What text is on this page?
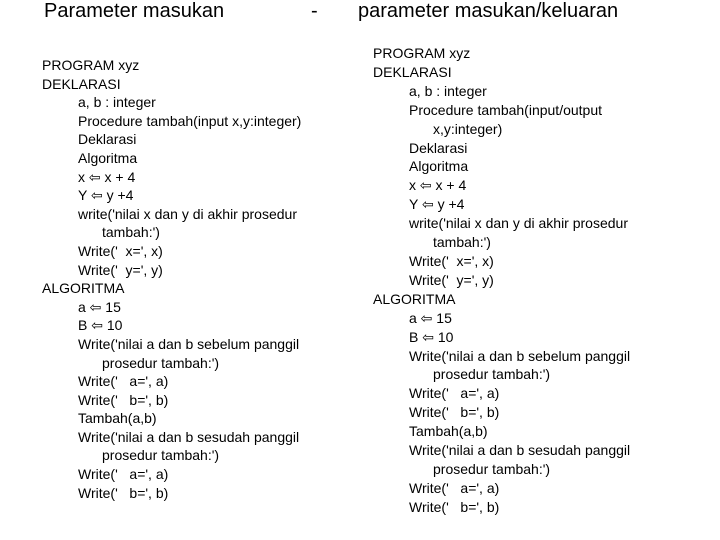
Parameter masukan	- parameter masukan/keluaran
PROGRAM xyz
DEKLARASI
a, b : integer
Procedure tambah(input x,y:integer)
Deklarasi
Algoritma
x ⇦ x + 4
Y ⇦ y +4
write('nilai x dan y di akhir prosedur
tambah:')
Write('  x=', x)
Write('  y=', y)
ALGORITMA
a ⇦ 15
B ⇦ 10
Write('nilai a dan b sebelum panggil
prosedur tambah:')
Write('   a=', a)
Write('   b=', b)
Tambah(a,b)
Write('nilai a dan b sesudah panggil
prosedur tambah:')
Write('   a=', a)
Write('   b=', b)
PROGRAM xyz
DEKLARASI
a, b : integer
Procedure tambah(input/output
x,y:integer)
Deklarasi
Algoritma
x ⇦ x + 4
Y ⇦ y +4
write('nilai x dan y di akhir prosedur
tambah:')
Write('  x=', x)
Write('  y=', y)
ALGORITMA
a ⇦ 15
B ⇦ 10
Write('nilai a dan b sebelum panggil
prosedur tambah:')
Write('   a=', a)
Write('   b=', b)
Tambah(a,b)
Write('nilai a dan b sesudah panggil
prosedur tambah:')
Write('   a=', a)
Write('   b=', b)
